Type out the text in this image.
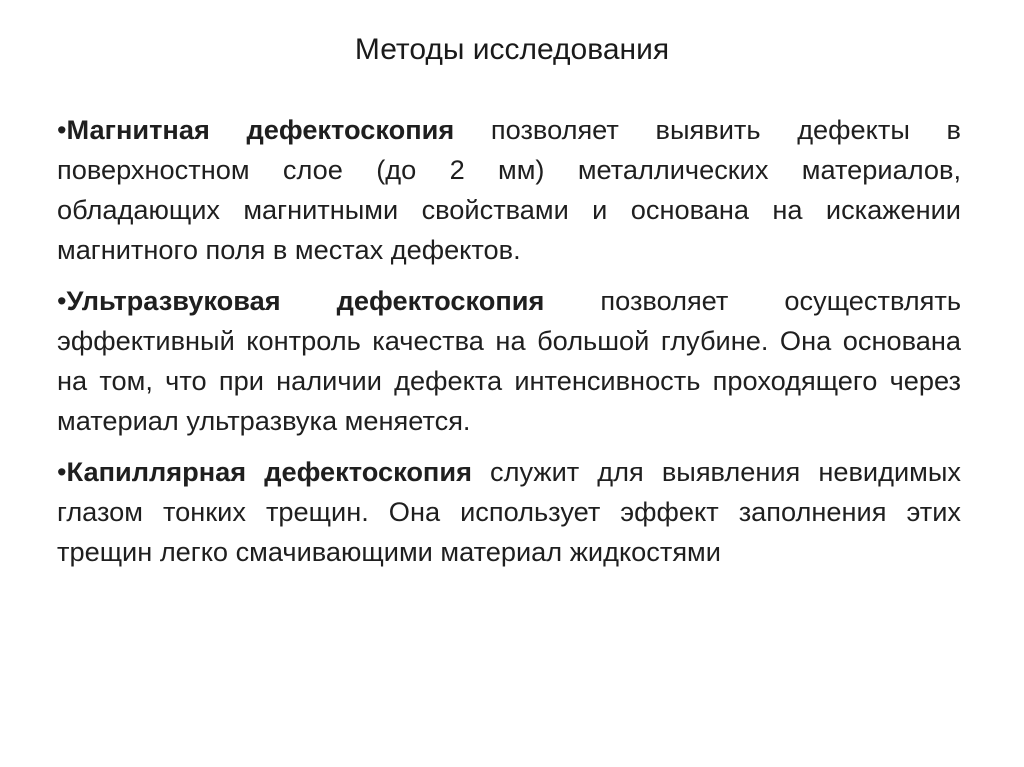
Методы исследования

•Магнитная дефектоскопия позволяет выявить дефекты в поверхностном слое (до 2 мм) металлических материалов, обладающих магнитными свойствами и основана на искажении магнитного поля в местах дефектов.

•Ультразвуковая дефектоскопия позволяет осуществлять эффективный контроль качества на большой глубине. Она основана на том, что при наличии дефекта интенсивность проходящего через материал ультразвука меняется.

•Капиллярная дефектоскопия служит для выявления невидимых глазом тонких трещин. Она использует эффект заполнения этих трещин легко смачивающими материал жидкостями
